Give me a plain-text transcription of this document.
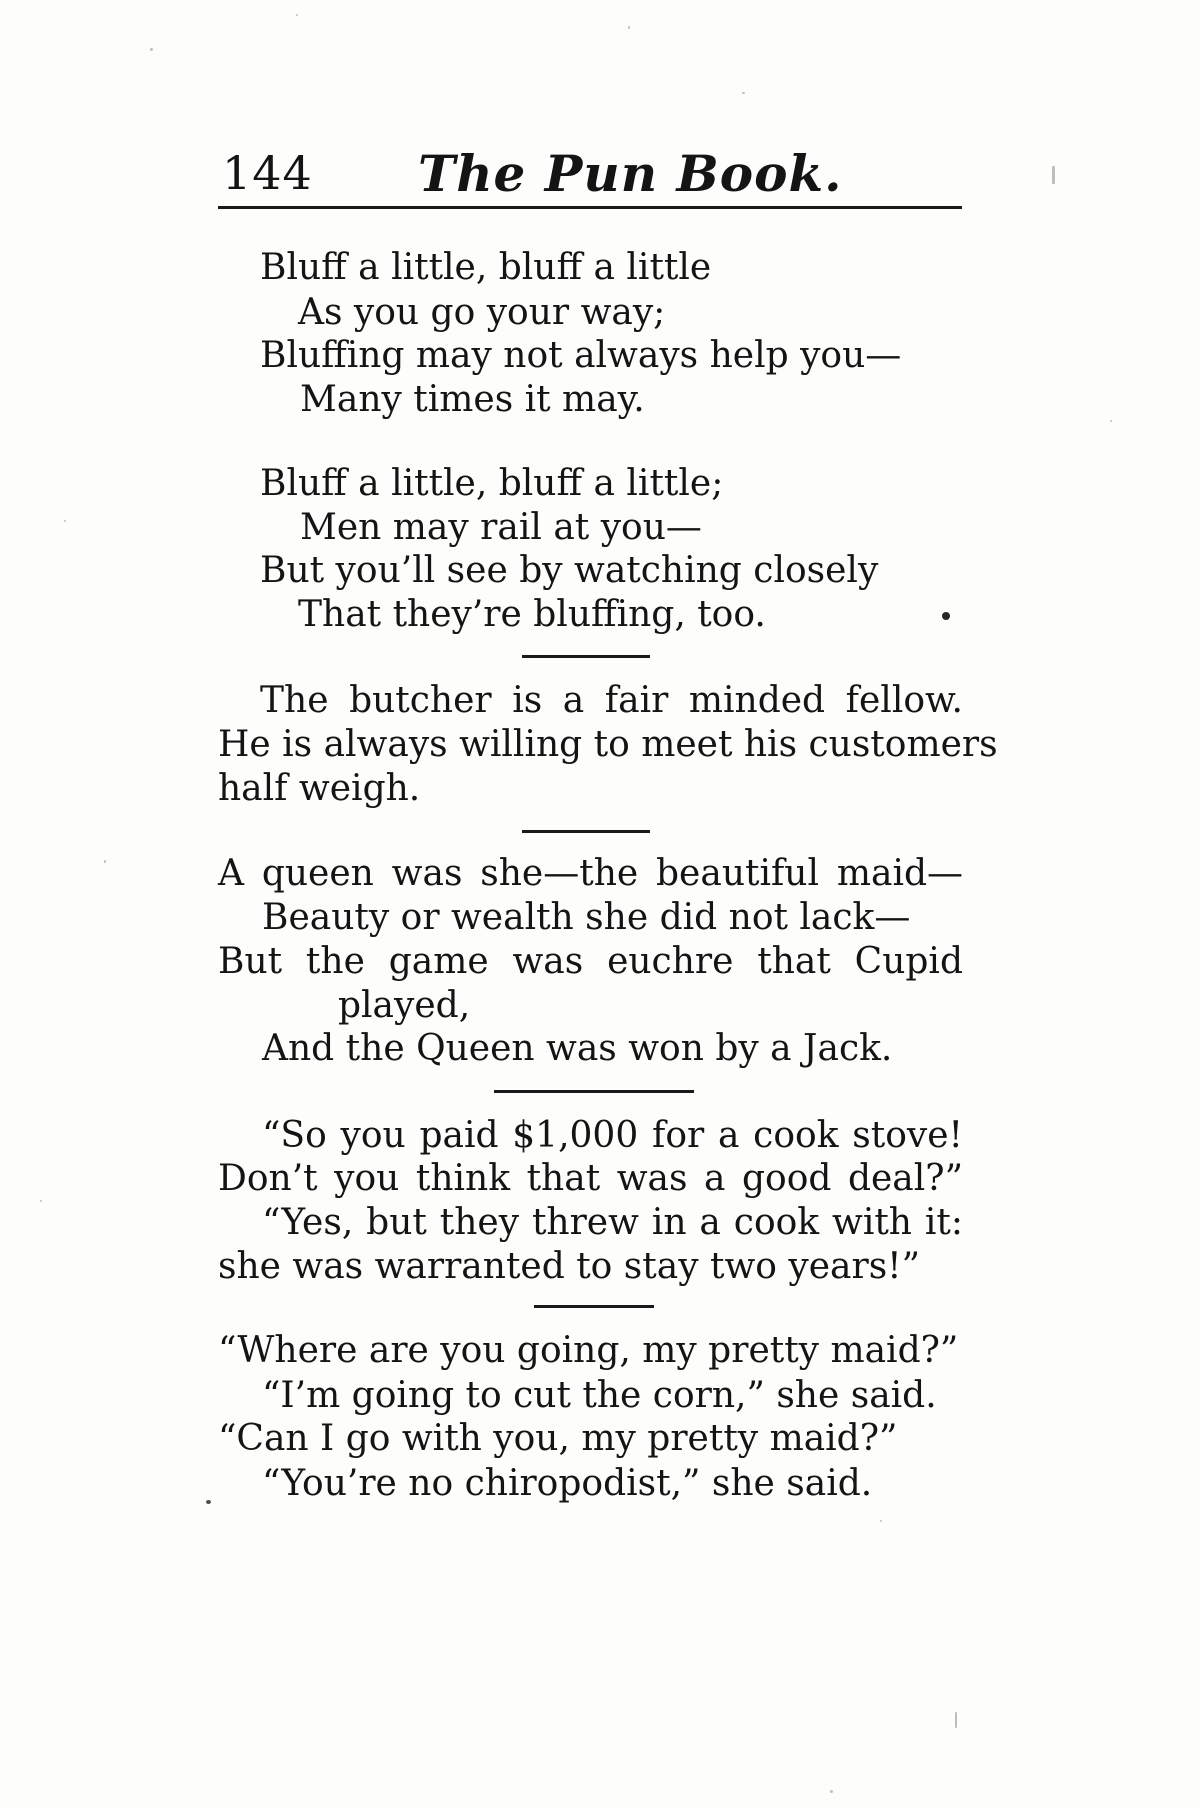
144 The Pun Book.
Bluff a little, bluff a little
As you go your way;
Bluffing may not always help you—
Many times it may.
Bluff a little, bluff a little;
Men may rail at you—
But you’ll see by watching closely
That they’re bluffing, too.
The butcher is a fair minded fellow.
He is always willing to meet his customers
half weigh.
A queen was she—the beautiful maid—
Beauty or wealth she did not lack—
But the game was euchre that Cupid
played,
And the Queen was won by a Jack.
“So you paid $1,000 for a cook stove!
Don’t you think that was a good deal?”
“Yes, but they threw in a cook with it:
she was warranted to stay two years!”
“Where are you going, my pretty maid?”
“I’m going to cut the corn,” she said.
“Can I go with you, my pretty maid?”
“You’re no chiropodist,” she said.
